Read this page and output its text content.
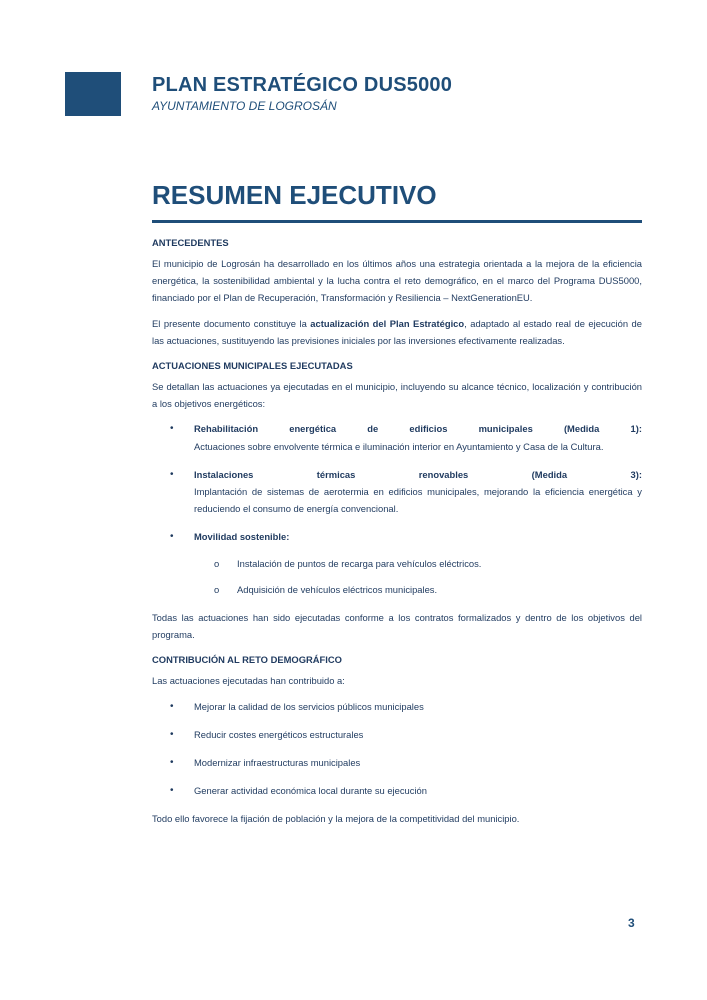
PLAN ESTRATÉGICO DUS5000

AYUNTAMIENTO DE LOGROSÁN

RESUMEN EJECUTIVO
ANTECEDENTES

El municipio de Logrosán ha desarrollado en los últimos años una estrategia orientada a la mejora de la eficiencia energética, la sostenibilidad ambiental y la lucha contra el reto demográfico, en el marco del Programa DUS5000, financiado por el Plan de Recuperación, Transformación y Resiliencia – NextGenerationEU.

El presente documento constituye la actualización del Plan Estratégico, adaptado al estado real de ejecución de las actuaciones, sustituyendo las previsiones iniciales por las inversiones efectivamente realizadas.

ACTUACIONES MUNICIPALES EJECUTADAS

Se detallan las actuaciones ya ejecutadas en el municipio, incluyendo su alcance técnico, localización y contribución a los objetivos energéticos:

• Rehabilitación	energética	de	edificios	municipales	(Medida	1):
Actuaciones sobre envolvente térmica e iluminación interior en Ayuntamiento y Casa de la Cultura.
• Instalaciones	térmicas	renovables	(Medida	3):
Implantación de sistemas de aerotermia en edificios municipales, mejorando la eficiencia energética y reduciendo el consumo de energía convencional.
• Movilidad sostenible:
o Instalación de puntos de recarga para vehículos eléctricos.
o Adquisición de vehículos eléctricos municipales.

Todas las actuaciones han sido ejecutadas conforme a los contratos formalizados y dentro de los objetivos del programa.

CONTRIBUCIÓN AL RETO DEMOGRÁFICO

Las actuaciones ejecutadas han contribuido a:

• Mejorar la calidad de los servicios públicos municipales
• Reducir costes energéticos estructurales
• Modernizar infraestructuras municipales
• Generar actividad económica local durante su ejecución

Todo ello favorece la fijación de población y la mejora de la competitividad del municipio.

3
